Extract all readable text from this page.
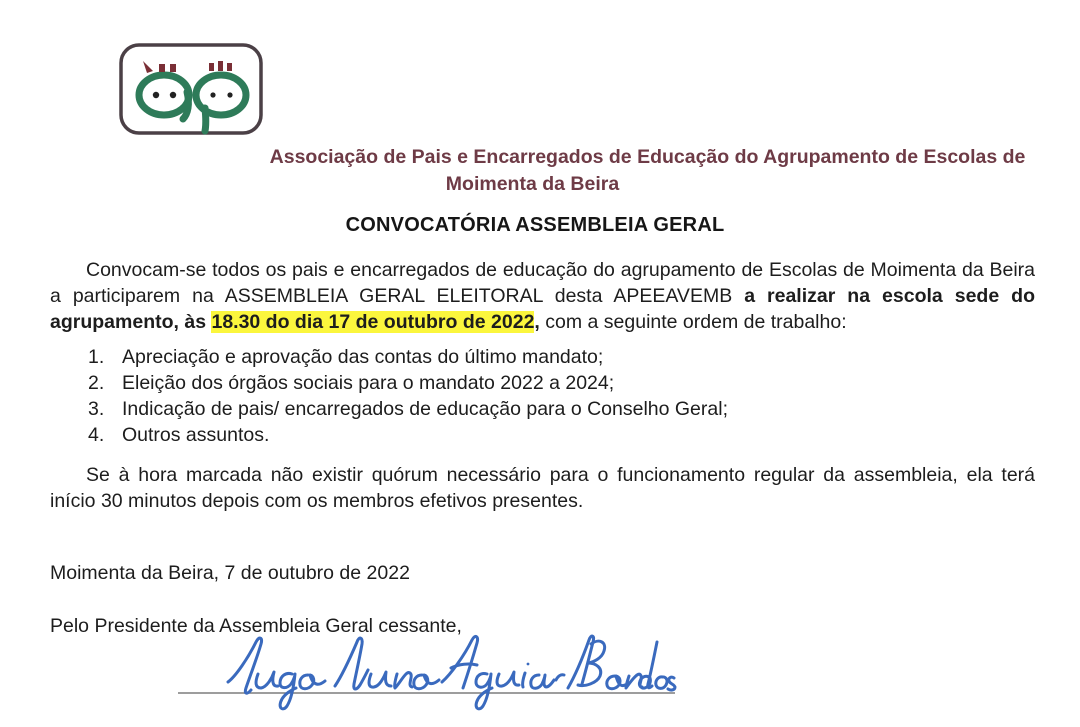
Associação de Pais e Encarregados de Educação do Agrupamento de Escolas de
Moimenta da Beira
CONVOCATÓRIA ASSEMBLEIA GERAL
Convocam-se todos os pais e encarregados de educação do agrupamento de Escolas de Moimenta da Beira a participarem na ASSEMBLEIA GERAL ELEITORAL desta APEEAVEMB a realizar na escola sede do agrupamento, às 18.30 do dia 17 de outubro de 2022, com a seguinte ordem de trabalho:
1. Apreciação e aprovação das contas do último mandato;
2. Eleição dos órgãos sociais para o mandato 2022 a 2024;
3. Indicação de pais/ encarregados de educação para o Conselho Geral;
4. Outros assuntos.
Se à hora marcada não existir quórum necessário para o funcionamento regular da assembleia, ela terá início 30 minutos depois com os membros efetivos presentes.
Moimenta da Beira, 7 de outubro de 2022
Pelo Presidente da Assembleia Geral cessante,
